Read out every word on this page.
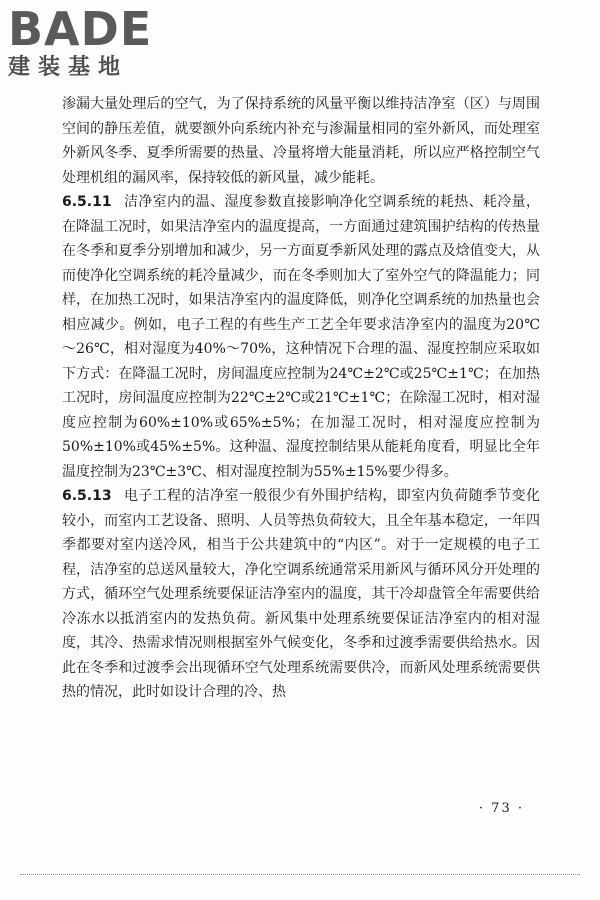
BADE
建装基地

渗漏大量处理后的空气，为了保持系统的风量平衡以维持洁净室（区）与周围空间的静压差值，就要额外向系统内补充与渗漏量相同的室外新风，而处理室外新风冬季、夏季所需要的热量、冷量将增大能量消耗，所以应严格控制空气处理机组的漏风率，保持较低的新风量，减少能耗。

6.5.11 洁净室内的温、湿度参数直接影响净化空调系统的耗热、耗冷量，在降温工况时，如果洁净室内的温度提高，一方面通过建筑围护结构的传热量在冬季和夏季分别增加和减少，另一方面夏季新风处理的露点及焓值变大，从而使净化空调系统的耗冷量减少，而在冬季则加大了室外空气的降温能力；同样，在加热工况时，如果洁净室内的温度降低，则净化空调系统的加热量也会相应减少。例如，电子工程的有些生产工艺全年要求洁净室内的温度为20℃～26℃，相对湿度为40%～70%，这种情况下合理的温、湿度控制应采取如下方式：在降温工况时，房间温度应控制为24℃±2℃或25℃±1℃；在加热工况时，房间温度应控制为22℃±2℃或21℃±1℃；在除湿工况时，相对湿度应控制为60%±10%或65%±5%；在加湿工况时，相对湿度应控制为50%±10%或45%±5%。这种温、湿度控制结果从能耗角度看，明显比全年温度控制为23℃±3℃、相对湿度控制为55%±15%要少得多。

6.5.13 电子工程的洁净室一般很少有外围护结构，即室内负荷随季节变化较小，而室内工艺设备、照明、人员等热负荷较大，且全年基本稳定，一年四季都要对室内送冷风，相当于公共建筑中的“内区”。对于一定规模的电子工程，洁净室的总送风量较大，净化空调系统通常采用新风与循环风分开处理的方式，循环空气处理系统要保证洁净室内的温度，其干冷却盘管全年需要供给冷冻水以抵消室内的发热负荷。新风集中处理系统要保证洁净室内的相对湿度，其冷、热需求情况则根据室外气候变化，冬季和过渡季需要供给热水。因此在冬季和过渡季会出现循环空气处理系统需要供冷，而新风处理系统需要供热的情况，此时如设计合理的冷、热

· 73 ·
